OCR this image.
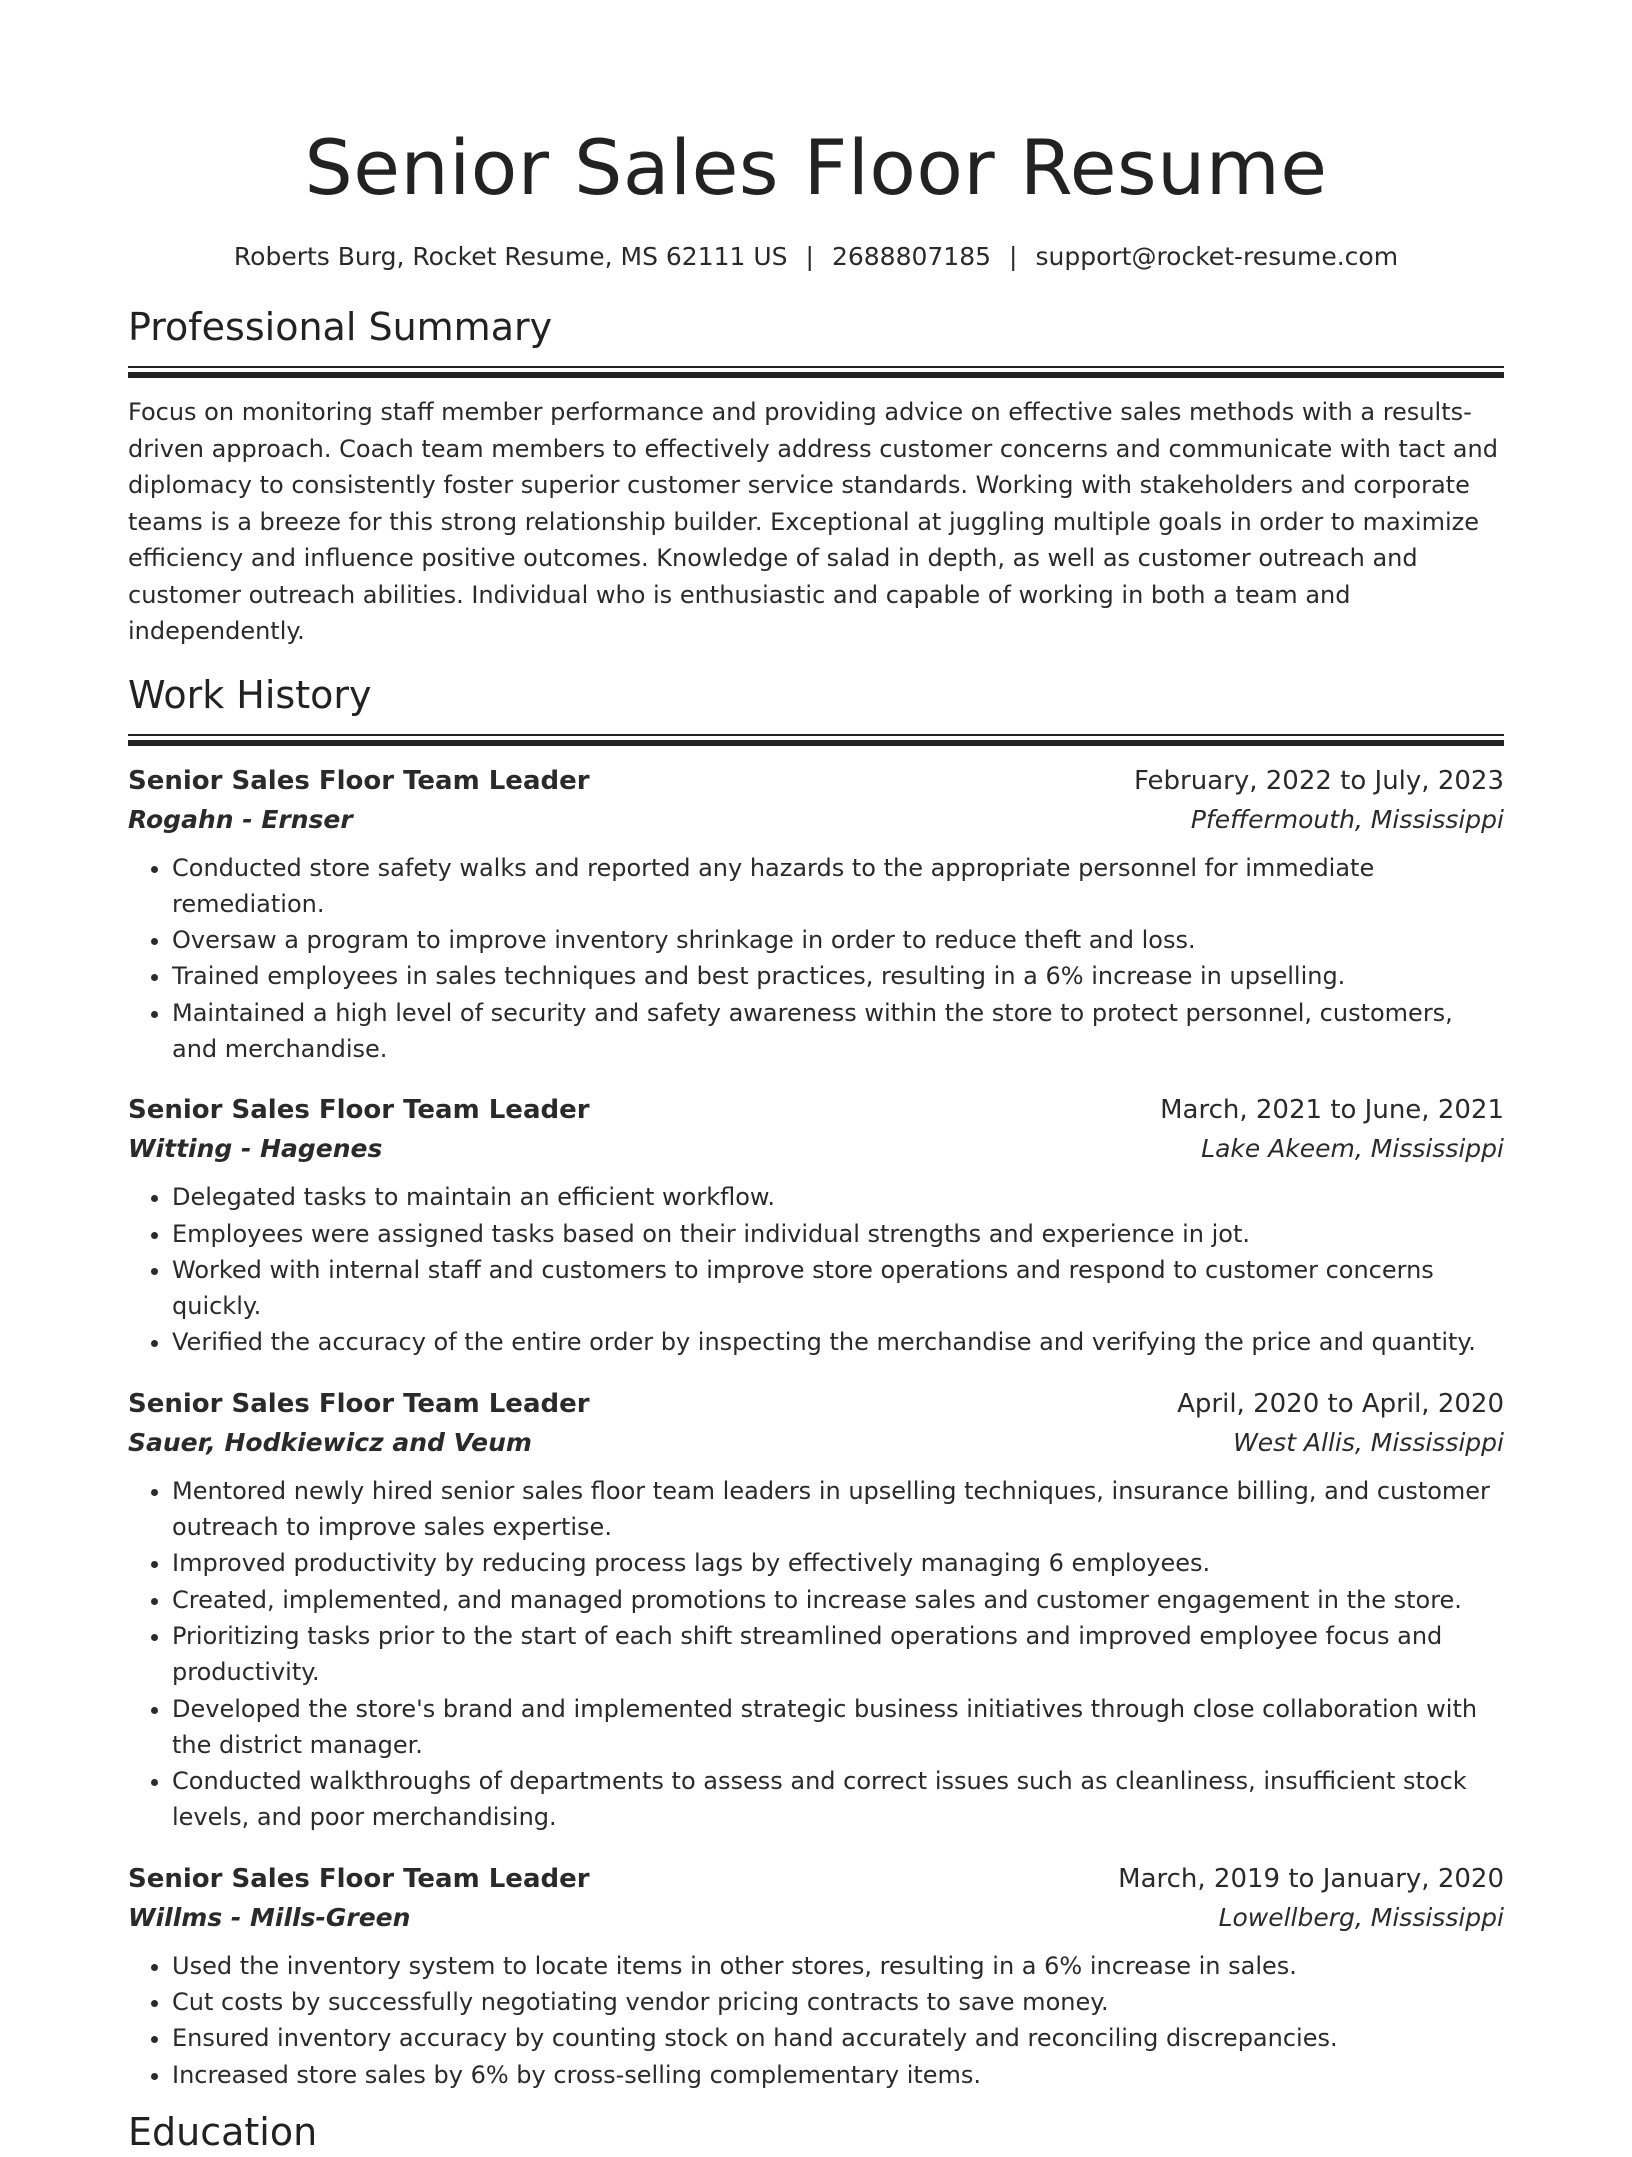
Senior Sales Floor Resume
Roberts Burg, Rocket Resume, MS 62111 US | 2688807185 | support@rocket-resume.com
Professional Summary
Focus on monitoring staff member performance and providing advice on effective sales methods with a results-driven approach. Coach team members to effectively address customer concerns and communicate with tact and diplomacy to consistently foster superior customer service standards. Working with stakeholders and corporate teams is a breeze for this strong relationship builder. Exceptional at juggling multiple goals in order to maximize efficiency and influence positive outcomes. Knowledge of salad in depth, as well as customer outreach and customer outreach abilities. Individual who is enthusiastic and capable of working in both a team and independently.
Work History
Senior Sales Floor Team Leader	February, 2022 to July, 2023
Rogahn - Ernser	Pfeffermouth, Mississippi
• Conducted store safety walks and reported any hazards to the appropriate personnel for immediate remediation.
• Oversaw a program to improve inventory shrinkage in order to reduce theft and loss.
• Trained employees in sales techniques and best practices, resulting in a 6% increase in upselling.
• Maintained a high level of security and safety awareness within the store to protect personnel, customers, and merchandise.
Senior Sales Floor Team Leader	March, 2021 to June, 2021
Witting - Hagenes	Lake Akeem, Mississippi
• Delegated tasks to maintain an efficient workflow.
• Employees were assigned tasks based on their individual strengths and experience in jot.
• Worked with internal staff and customers to improve store operations and respond to customer concerns quickly.
• Verified the accuracy of the entire order by inspecting the merchandise and verifying the price and quantity.
Senior Sales Floor Team Leader	April, 2020 to April, 2020
Sauer, Hodkiewicz and Veum	West Allis, Mississippi
• Mentored newly hired senior sales floor team leaders in upselling techniques, insurance billing, and customer outreach to improve sales expertise.
• Improved productivity by reducing process lags by effectively managing 6 employees.
• Created, implemented, and managed promotions to increase sales and customer engagement in the store.
• Prioritizing tasks prior to the start of each shift streamlined operations and improved employee focus and productivity.
• Developed the store's brand and implemented strategic business initiatives through close collaboration with the district manager.
• Conducted walkthroughs of departments to assess and correct issues such as cleanliness, insufficient stock levels, and poor merchandising.
Senior Sales Floor Team Leader	March, 2019 to January, 2020
Willms - Mills-Green	Lowellberg, Mississippi
• Used the inventory system to locate items in other stores, resulting in a 6% increase in sales.
• Cut costs by successfully negotiating vendor pricing contracts to save money.
• Ensured inventory accuracy by counting stock on hand accurately and reconciling discrepancies.
• Increased store sales by 6% by cross-selling complementary items.
Education
